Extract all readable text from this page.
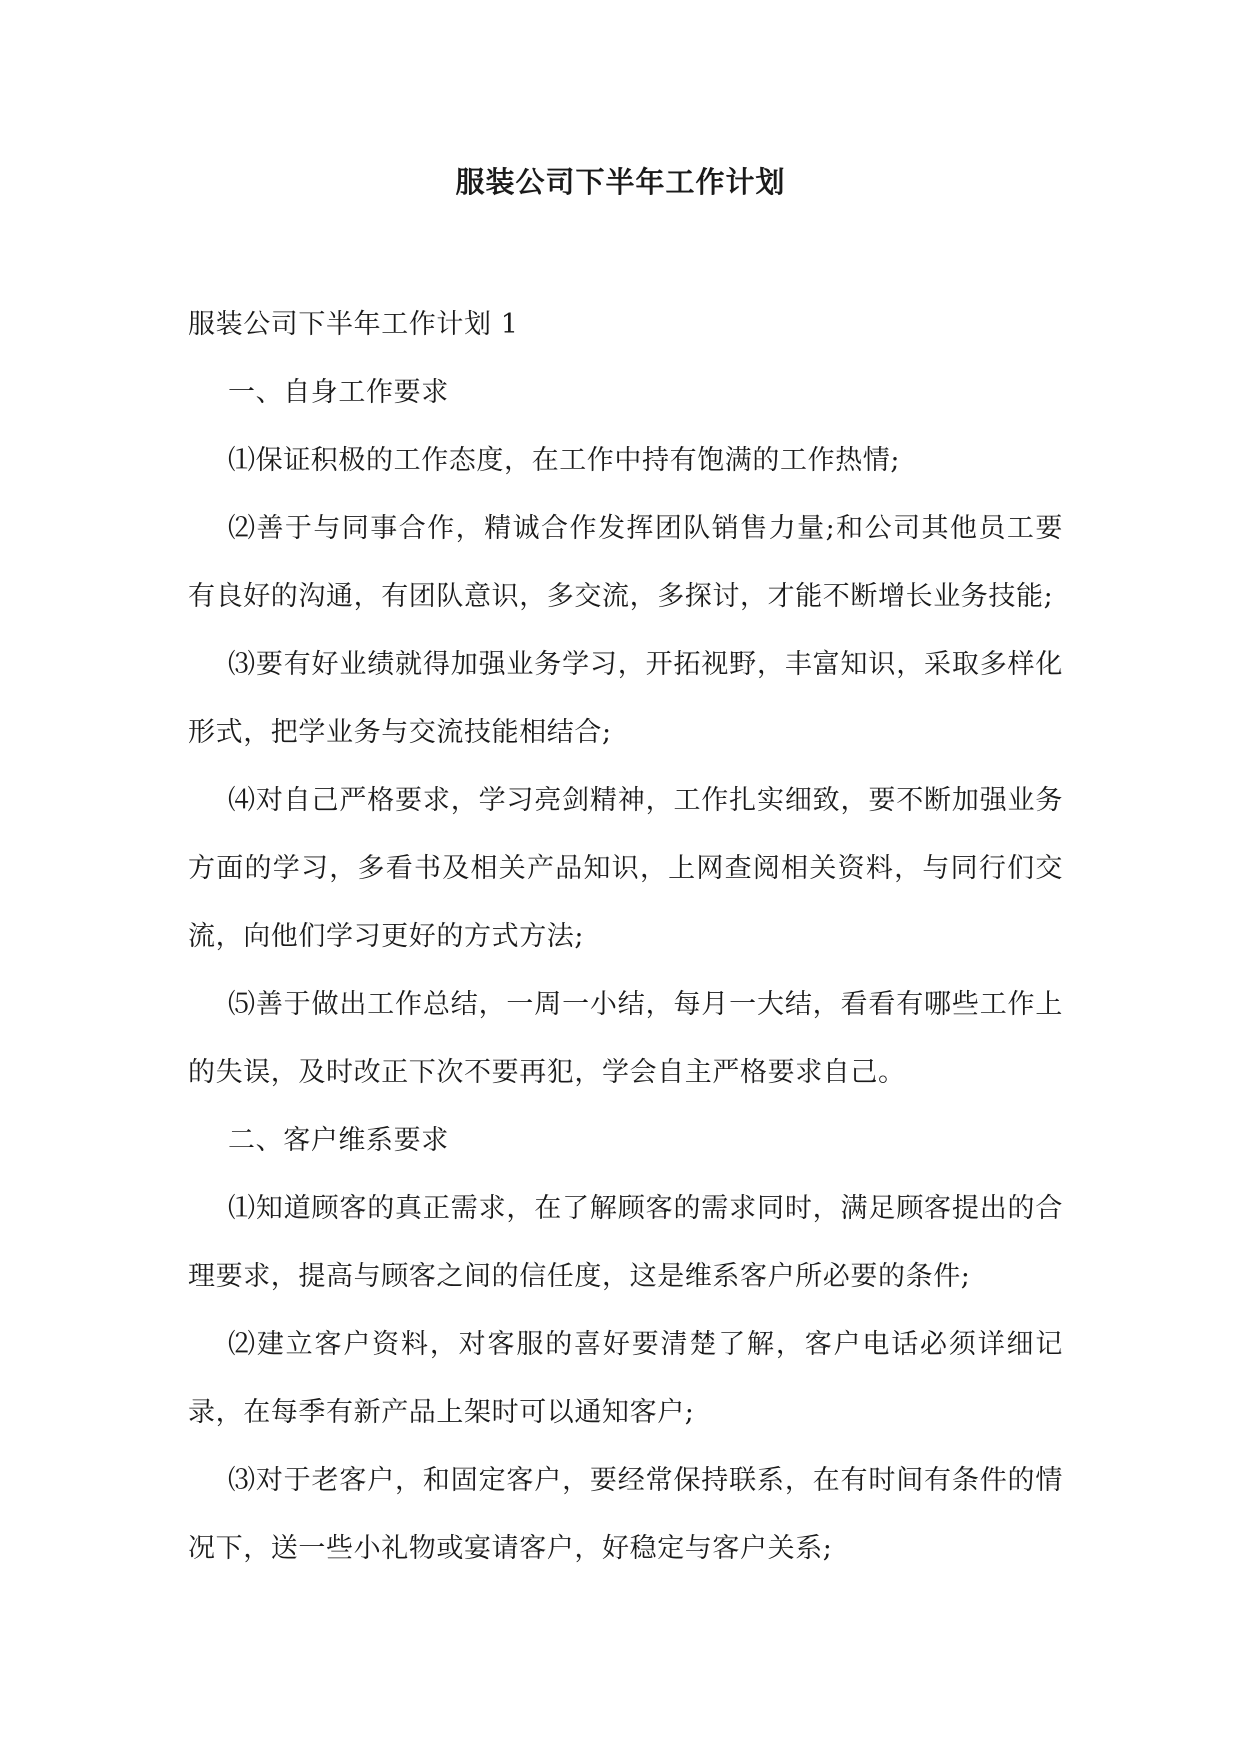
服装公司下半年工作计划

服装公司下半年工作计划 1

一、自身工作要求

⑴保证积极的工作态度，在工作中持有饱满的工作热情;

⑵善于与同事合作，精诚合作发挥团队销售力量;和公司其他员工要有良好的沟通，有团队意识，多交流，多探讨，才能不断增长业务技能;

⑶要有好业绩就得加强业务学习，开拓视野，丰富知识，采取多样化形式，把学业务与交流技能相结合;

⑷对自己严格要求，学习亮剑精神，工作扎实细致，要不断加强业务方面的学习，多看书及相关产品知识，上网查阅相关资料，与同行们交流，向他们学习更好的方式方法;

⑸善于做出工作总结，一周一小结，每月一大结，看看有哪些工作上的失误，及时改正下次不要再犯，学会自主严格要求自己。

二、客户维系要求

⑴知道顾客的真正需求，在了解顾客的需求同时，满足顾客提出的合理要求，提高与顾客之间的信任度，这是维系客户所必要的条件;

⑵建立客户资料，对客服的喜好要清楚了解，客户电话必须详细记录，在每季有新产品上架时可以通知客户;

⑶对于老客户，和固定客户，要经常保持联系，在有时间有条件的情况下，送一些小礼物或宴请客户，好稳定与客户关系;
